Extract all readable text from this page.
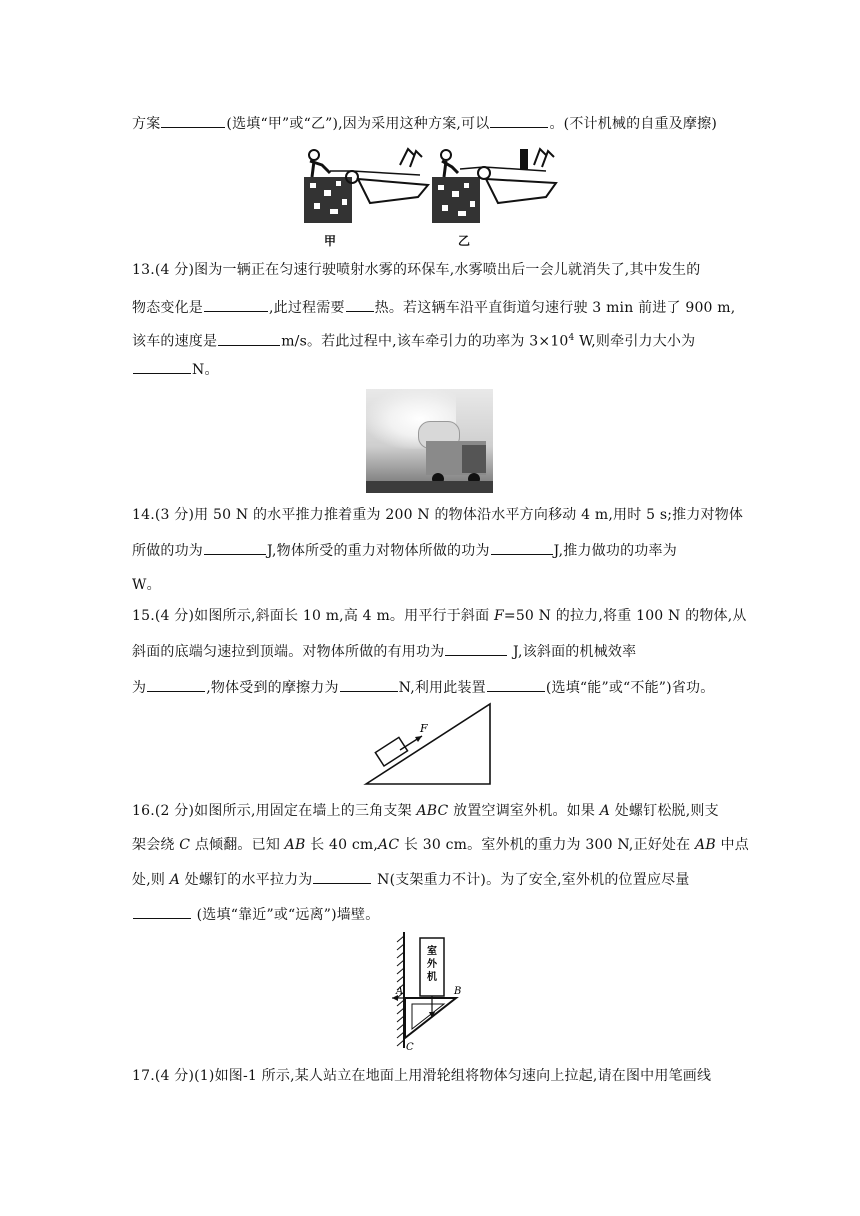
方案	(选填“甲”或“乙”),因为采用这种方案,可以	。(不计机械的自重及摩擦)
甲	乙
13.(4 分)图为一辆正在匀速行驶喷射水雾的环保车,水雾喷出后一会儿就消失了,其中发生的
物态变化是	,此过程需要 热。若这辆车沿平直街道匀速行驶 3 min 前进了 900 m,
该车的速度是	m/s。若此过程中,该车牵引力的功率为 $3\times 10^4$ W,则牵引力大小为
N。
14.(3 分)用 50 N 的水平推力推着重为 200 N 的物体沿水平方向移动 4 m,用时 5 s;推力对物体
所做的功为	J,物体所受的重力对物体所做的功为	J,推力做功的功率为
W。
15.(4 分)如图所示,斜面长 10 m,高 4 m。用平行于斜面 F=50 N 的拉力,将重 100 N 的物体,从
斜面的底端匀速拉到顶端。对物体所做的有用功为	J,该斜面的机械效率
为	,物体受到的摩擦力为	N,利用此装置	(选填“能”或“不能”)省功。
F
16.(2 分)如图所示,用固定在墙上的三角支架 ABC 放置空调室外机。如果 A 处螺钉松脱,则支
架会绕 C 点倾翻。已知 AB 长 40 cm,AC 长 30 cm。室外机的重力为 300 N,正好处在 AB 中点
处,则 A 处螺钉的水平拉力为	N(支架重力不计)。为了安全,室外机的位置应尽量
(选填“靠近”或“远离”)墙壁。
室
外
机
A	B
C
17.(4 分)(1)如图-1 所示,某人站立在地面上用滑轮组将物体匀速向上拉起,请在图中用笔画线
